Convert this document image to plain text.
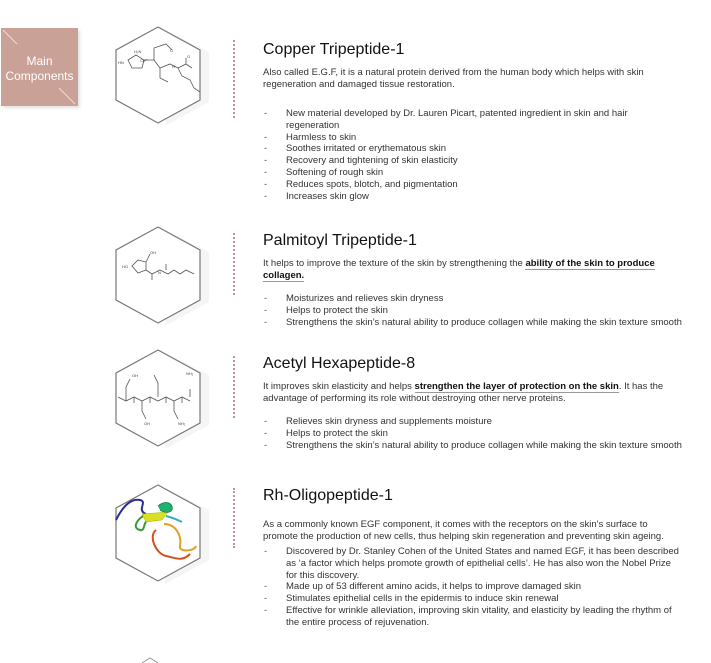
Main
Components
H₂N
Cu²⁺
O
O
H
HN
Copper Tripeptide-1

Also called E.G.F, it is a natural protein derived from the human body which helps with skin regeneration and damaged tissue restoration.

- New material developed by Dr. Lauren Picart, patented ingredient in skin and hair regeneration
- Harmless to skin
- Soothes irritated or erythematous skin
- Recovery and tightening of skin elasticity
- Softening of rough skin
- Reduces spots, blotch, and pigmentation
- Increases skin glow
HO
OH
N
Palmitoyl Tripeptide-1

It helps to improve the texture of the skin by strengthening the ability of the skin to produce collagen.

- Moisturizes and relieves skin dryness
- Helps to protect the skin
- Strengthens the skin’s natural ability to produce collagen while making the skin texture smooth
OH
OH	NH₂
NH₂
Acetyl Hexapeptide-8

It improves skin elasticity and helps strengthen the layer of protection on the skin. It has the advantage of performing its role without destroying other nerve proteins.

- Relieves skin dryness and supplements moisture
- Helps to protect the skin
- Strengthens the skin’s natural ability to produce collagen while making the skin texture smooth
Rh-Oligopeptide-1

As a commonly known EGF component, it comes with the receptors on the skin's surface to promote the production of new cells, thus helping skin regeneration and preventing skin ageing.

- Discovered by Dr. Stanley Cohen of the United States and named EGF, it has been described as ‘a factor which helps promote growth of epithelial cells’. He has also won the Nobel Prize for this discovery.
- Made up of 53 different amino acids, it helps to improve damaged skin
- Stimulates epithelial cells in the epidermis to induce skin renewal
- Effective for wrinkle alleviation, improving skin vitality, and elasticity by leading the rhythm of the entire process of rejuvenation.
